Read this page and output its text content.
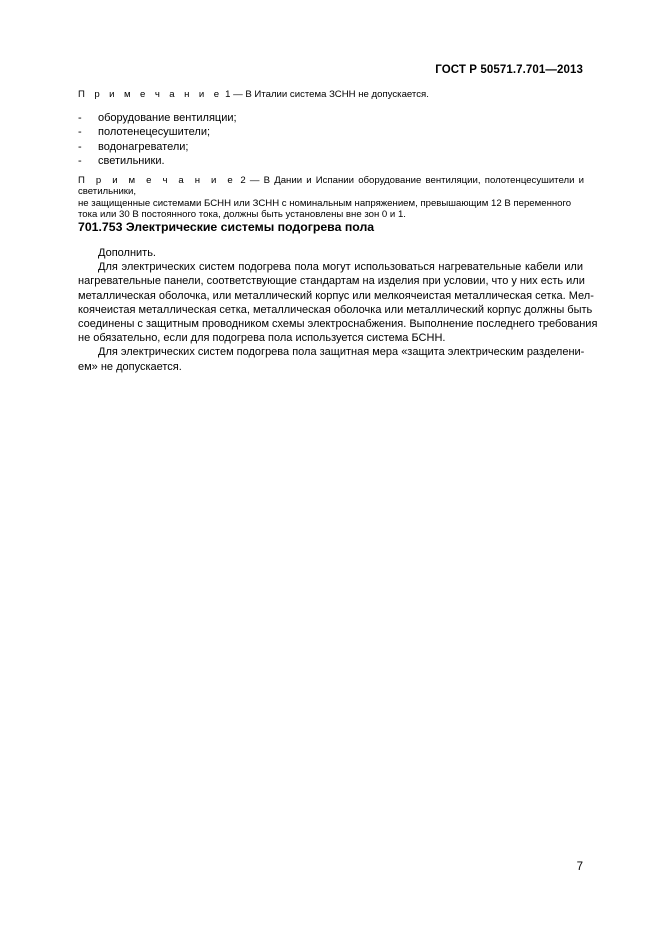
ГОСТ Р 50571.7.701—2013
П р и м е ч а н и е 1 — В Италии система ЗСНН не допускается.
- оборудование вентиляции;
- полотенецесушители;
- водонагреватели;
- светильники.
П р и м е ч а н и е 2 — В Дании и Испании оборудование вентиляции, полотенцесушители и светильники,
не защищенные системами БСНН или ЗСНН с номинальным напряжением, превышающим 12 В переменного
тока или 30 В постоянного тока, должны быть установлены вне зон 0 и 1.
701.753 Электрические системы подогрева пола

Дополнить.

Для электрических систем подогрева пола могут использоваться нагревательные кабели или
нагревательные панели, соответствующие стандартам на изделия при условии, что у них есть или
металлическая оболочка, или металлический корпус или мелкоячеистая металлическая сетка. Мел-
коячеистая металлическая сетка, металлическая оболочка или металлический корпус должны быть
соединены с защитным проводником схемы электроснабжения. Выполнение последнего требования
не обязательно, если для подогрева пола используется система БСНН.

Для электрических систем подогрева пола защитная мера «защита электрическим разделени-
ем» не допускается.

7
